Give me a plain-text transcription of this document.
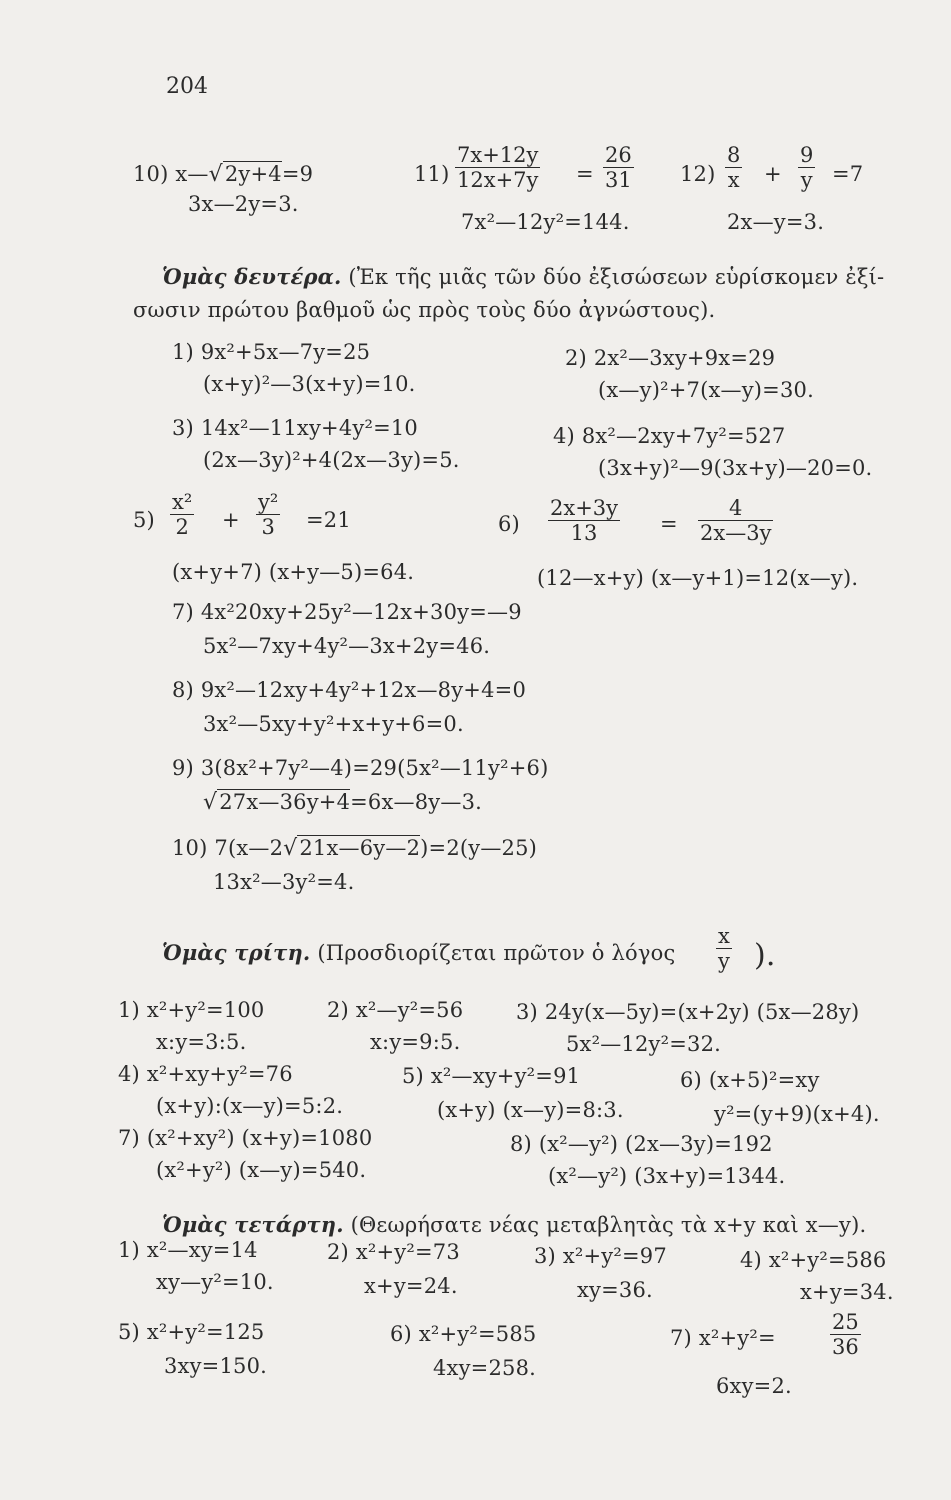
204
10) x—√2y+4=9
3x—2y=3.
$11) \frac{7x+12y}{12x+7y} = \frac{26}{31}$
7x²—12y²=144.
$12) \frac{8}{x} + \frac{9}{y} =7$
2x—y=3.
Ὁμὰς δευτέρα. (Ἐκ τῆς μιᾶς τῶν δύο ἐξισώσεων εὑρίσκομεν ἐξί-
σωσιν πρώτου βαθμοῦ ὡς πρὸς τοὺς δύο ἀγνώστους).
1) 9x²+5x—7y=25
(x+y)²—3(x+y)=10.
2) 2x²—3xy+9x=29
(x—y)²+7(x—y)=30.
3) 14x²—11xy+4y²=10
(2x—3y)²+4(2x—3y)=5.
4) 8x²—2xy+7y²=527
(3x+y)²—9(3x+y)—20=0.
$5) \frac{\text{x²}}{2} + \frac{\text{y²}}{3} =21$
(x+y+7) (x+y—5)=64.
$6) \frac{2x+3y}{13} = \frac{4}{2x—3y}$
(12—x+y) (x—y+1)=12(x—y).
7) 4x²20xy+25y²—12x+30y=—9
5x²—7xy+4y²—3x+2y=46.
8) 9x²—12xy+4y²+12x—8y+4=0
3x²—5xy+y²+x+y+6=0.
9) 3(8x²+7y²—4)=29(5x²—11y²+6)
√27x—36y+4=6x—8y—3.
10) 7(x—2√21x—6y—2)=2(y—25)
13x²—3y²=4.
Ὁμὰς τρίτη. (Προσδιορίζεται πρῶτον ὁ λόγος $\frac{x}{y}$ ).
1) x²+y²=100
x:y=3:5.
2) x²—y²=56
x:y=9:5.
3) 24y(x—5y)=(x+2y) (5x—28y)
5x²—12y²=32.
4) x²+xy+y²=76
(x+y):(x—y)=5:2.
5) x²—xy+y²=91
(x+y) (x—y)=8:3.
6) (x+5)²=xy
y²=(y+9)(x+4).
7) (x²+xy²) (x+y)=1080
(x²+y²) (x—y)=540.
8) (x²—y²) (2x—3y)=192
(x²—y²) (3x+y)=1344.
Ὁμὰς τετάρτη. (Θεωρήσατε νέας μεταβλητὰς τὰ x+y καὶ x—y).
1) x²—xy=14
xy—y²=10.
2) x²+y²=73
x+y=24.
3) x²+y²=97
xy=36.
4) x²+y²=586
x+y=34.
5) x²+y²=125
3xy=150.
6) x²+y²=585
4xy=258.
7) x²+y²=	$\frac{25}{36}$
6xy=2.
